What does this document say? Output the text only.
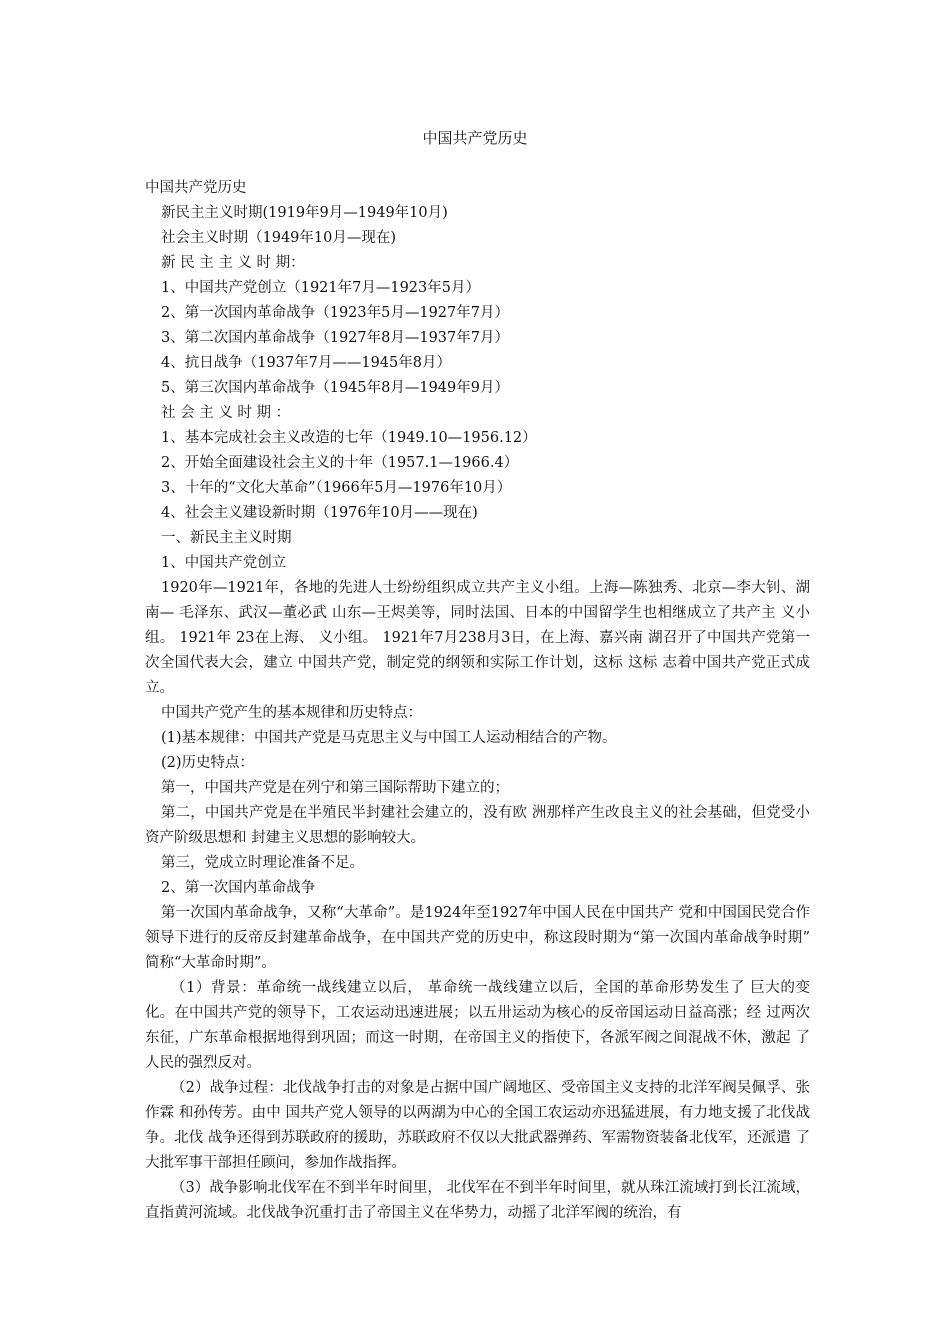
中国共产党历史

中国共产党历史

新民主主义时期(1919年9月—1949年10月)

社会主义时期（1949年10月—现在)

新 民 主 主 义 时 期：

1、中国共产党创立（1921年7月—1923年5月）

2、第一次国内革命战争（1923年5月—1927年7月）

3、第二次国内革命战争（1927年8月—1937年7月）

4、抗日战争（1937年7月——1945年8月）

5、第三次国内革命战争（1945年8月—1949年9月）

社 会 主 义 时 期 ：

1、基本完成社会主义改造的七年（1949.10—1956.12）

2、开始全面建设社会主义的十年（1957.1—1966.4）

3、十年的“文化大革命”（1966年5月—1976年10月）

4、社会主义建设新时期（1976年10月——现在)

一、新民主主义时期

1、中国共产党创立

1920年—1921年，各地的先进人士纷纷组织成立共产主义小组。上海—陈独秀、北京—李大钊、湖南— 毛泽东、武汉—董必武 山东—王烬美等，同时法国、日本的中国留学生也相继成立了共产主 义小组。 1921年 23在上海、 义小组。 1921年7月238月3日，在上海、嘉兴南 湖召开了中国共产党第一次全国代表大会，建立 中国共产党，制定党的纲领和实际工作计划，这标 这标 志着中国共产党正式成立。

中国共产党产生的基本规律和历史特点：

(1)基本规律：中国共产党是马克思主义与中国工人运动相结合的产物。

(2)历史特点：

第一，中国共产党是在列宁和第三国际帮助下建立的；

第二，中国共产党是在半殖民半封建社会建立的，没有欧 洲那样产生改良主义的社会基础，但党受小资产阶级思想和 封建主义思想的影响较大。

第三，党成立时理论准备不足。

2、第一次国内革命战争

第一次国内革命战争，又称“大革命”。是1924年至1927年中国人民在中国共产 党和中国国民党合作领导下进行的反帝反封建革命战争，在中国共产党的历史中，称这段时期为“第一次国内革命战争时期” 简称“大革命时期”。

（1）背景：革命统一战线建立以后， 革命统一战线建立以后，全国的革命形势发生了 巨大的变化。在中国共产党的领导下，工农运动迅速进展；以五卅运动为核心的反帝国运动日益高涨；经 过两次东征，广东革命根据地得到巩固；而这一时期，在帝国主义的指使下，各派军阀之间混战不休，激起 了人民的强烈反对。

（2）战争过程：北伐战争打击的对象是占据中国广阔地区、受帝国主义支持的北洋军阀吴佩孚、张作霖 和孙传芳。由中 国共产党人领导的以两湖为中心的全国工农运动亦迅猛进展，有力地支援了北伐战争。北伐 战争还得到苏联政府的援助，苏联政府不仅以大批武器弹药、军需物资装备北伐军，还派遣 了大批军事干部担任顾问，参加作战指挥。

（3）战争影响北伐军在不到半年时间里， 北伐军在不到半年时间里，就从珠江流域打到长江流域，直指黄河流域。北伐战争沉重打击了帝国主义在华势力，动摇了北洋军阀的统治，有
